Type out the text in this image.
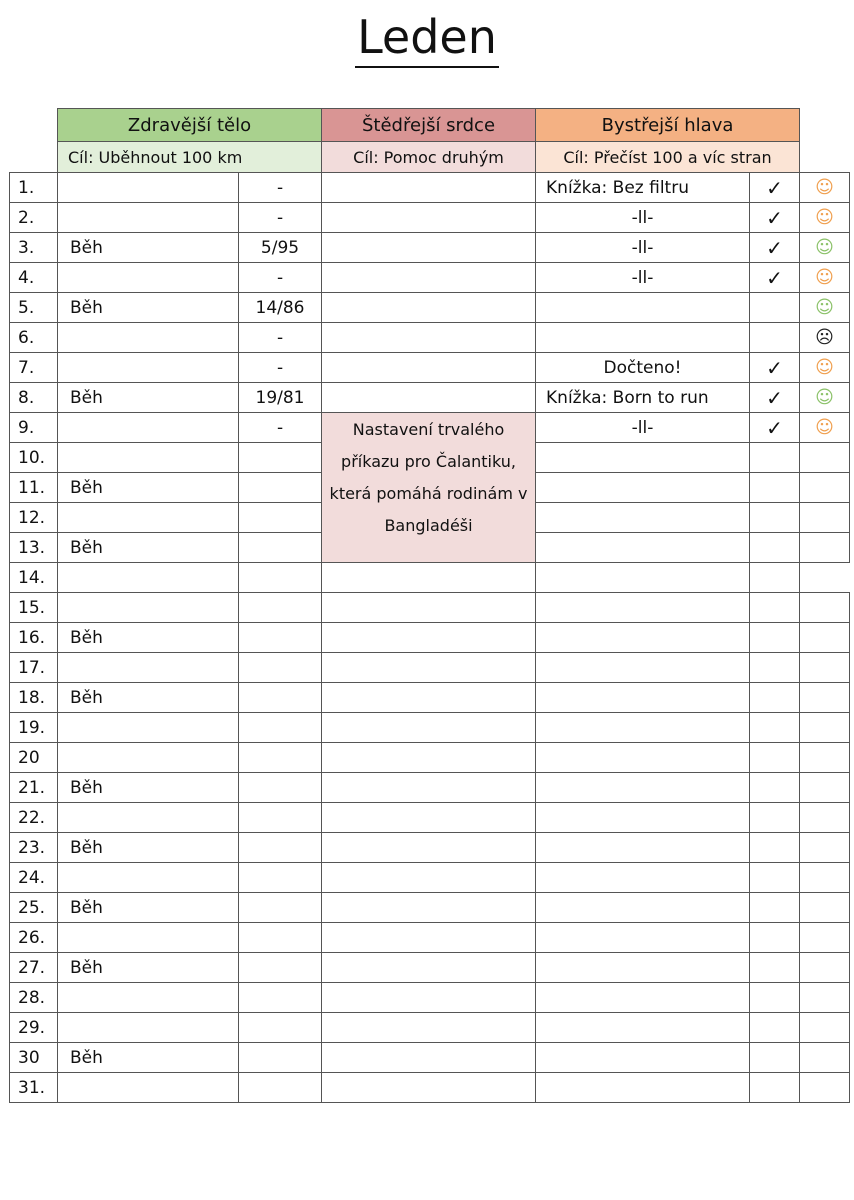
Leden
	Zdravější tělo		Štědřejší srdce	Bystřejší hlava		
	Cíl: Uběhnout 100 km		Cíl: Pomoc druhým	Cíl: Přečíst 100 a víc stran		
1.		-		Knížka: Bez filtru	✓	☺
2.		-		-ll-	✓	☺
3.	Běh	5/95		-ll-	✓	☺
4.		-		-ll-	✓	☺
5.	Běh	14/86				☺
6.		-				☹
7.		-		Dočteno!	✓	☺
8.	Běh	19/81		Knížka: Born to run	✓	☺
9.		-	Nastavení trvalého příkazu pro Čalantiku, která pomáhá rodinám v Bangladéši	-ll-	✓	☺
10.						
11.	Běh					
12.						
13.	Běh					
14.						
15.						
16.	Běh					
17.						
18.	Běh					
19.						
20						
21.	Běh					
22.						
23.	Běh					
24.						
25.	Běh					
26.						
27.	Běh					
28.						
29.						
30	Běh					
31.						
